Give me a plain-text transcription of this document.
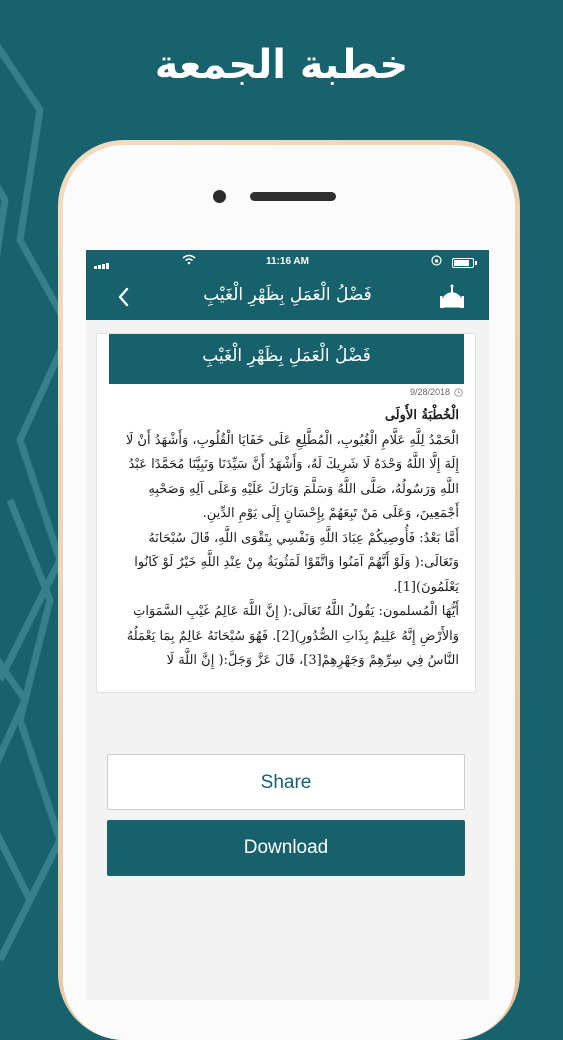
خطبة الجمعة
11:16 AM
فَضْلُ الْعَمَلِ بِظَهْرِ الْغَيْبِ
فَضْلُ الْعَمَلِ بِظَهْرِ الْغَيْبِ
9/28/2018

الْخُطْبَةُ الأُولَى

الْحَمْدُ لِلَّهِ عَلَّامِ الْغُيُوبِ، الْمُطَّلِعِ عَلَى خَفَايَا الْقُلُوبِ، وَأَشْهَدُ أَنْ لَا إِلَهَ إِلَّا اللَّهُ وَحْدَهُ لَا شَرِيكَ لَهُ، وَأَشْهَدُ أَنَّ سَيِّدَنَا وَنَبِيَّنَا مُحَمَّدًا عَبْدُ اللَّهِ وَرَسُولُهُ، صَلَّى اللَّهُ وَسَلَّمَ وَبَارَكَ عَلَيْهِ وَعَلَى آلِهِ وَصَحْبِهِ أَجْمَعِينَ، وَعَلَى مَنْ تَبِعَهُمْ بِإِحْسَانٍ إِلَى يَوْمِ الدِّينِ.

أَمَّا بَعْدُ: فَأُوصِيكُمْ عِبَادَ اللَّهِ وَنَفْسِي بِتَقْوَى اللَّهِ، قَالَ سُبْحَانَهُ وَتَعَالَى:( وَلَوْ أَنَّهُمْ آمَنُوا وَاتَّقَوْا لَمَثُوبَةٌ مِنْ عِنْدِ اللَّهِ خَيْرٌ لَوْ كَانُوا يَعْلَمُونَ)[1].

أَيُّهَا الْمُسلمون: يَقُولُ اللَّهُ تَعَالَى:( إِنَّ اللَّهَ عَالِمُ غَيْبِ السَّمَوَاتِ وَالأَرْضِ إِنَّهُ عَلِيمٌ بِذَاتِ الصُّدُورِ)[2]. فَهُوَ سُبْحَانَهُ عَالِمٌ بِمَا يَعْمَلُهُ النَّاسُ فِي سِرِّهِمْ وَجَهْرِهِمْ[3]، قَالَ عَزَّ وَجَلَّ:( إِنَّ اللَّهَ لَا

Share
Download
